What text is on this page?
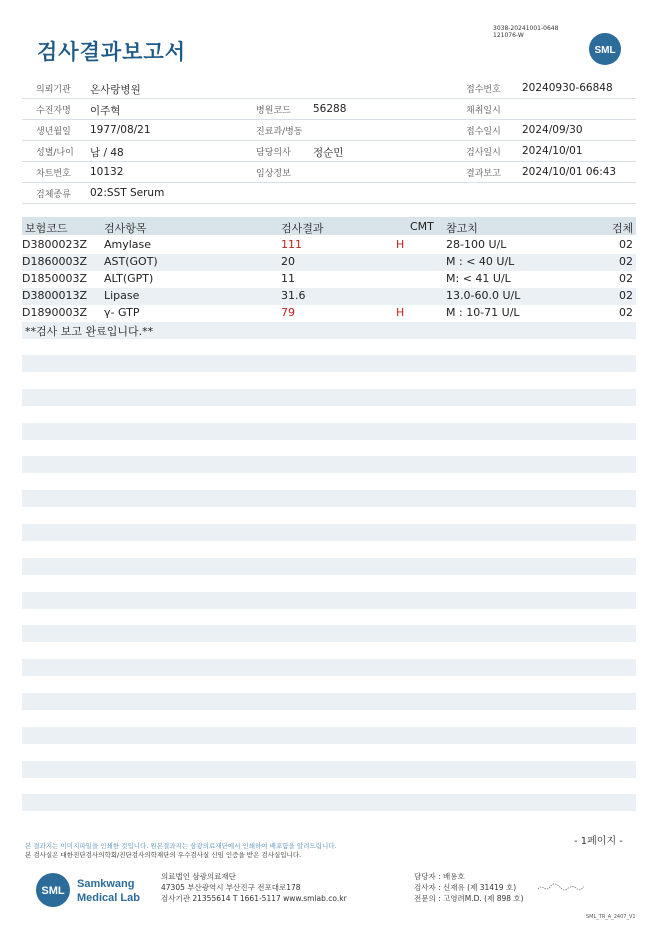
검사결과보고서
3038-20241001-0648
121076-W
SML
의뢰기관 온사랑병원	접수번호 20240930-66848
수진자명 이주혁	병원코드 56288	채취일시
생년월일 1977/08/21	진료과/병동	접수일시 2024/09/30
성별/나이 남 / 48	담당의사 정순민	검사일시 2024/10/01
차트번호 10132	임상정보	결과보고 2024/10/01 06:43
검체종류 02:SST Serum
보험코드	검사항목	검사결과	CMT 참고치	검체
D3800023Z Amylase	111	H	28-100 U/L	02
D1860003Z AST(GOT)	20	M : < 40 U/L	02
D1850003Z ALT(GPT)	11	M: < 41 U/L	02
D3800013Z Lipase	31.6	13.0-60.0 U/L	02
D1890003Z γ- GTP	79	H	M : 10-71 U/L	02
**검사 보고 완료입니다.**
본 결과지는 이미지파일을 인쇄한 것입니다. 원본결과지는 삼광의료재단에서 인쇄하여 배포함을 알려드립니다.
본 검사실은 대한진단검사의학회/진단검사의학재단의 우수검사실 신임 인증을 받은 검사실입니다.
- 1페이지 -
SML
Samkwang
Medical Lab
의료법인 삼광의료재단
47305 부산광역시 부산진구 전포대로178
검사기관 21355614 T 1661-5117 www.smlab.co.kr
담당자 : 배용호
검사자 : 신재유 (제 31419 호)
전문의 : 고영려M.D. (제 898 호)
SML_TR_A_2407_V1
